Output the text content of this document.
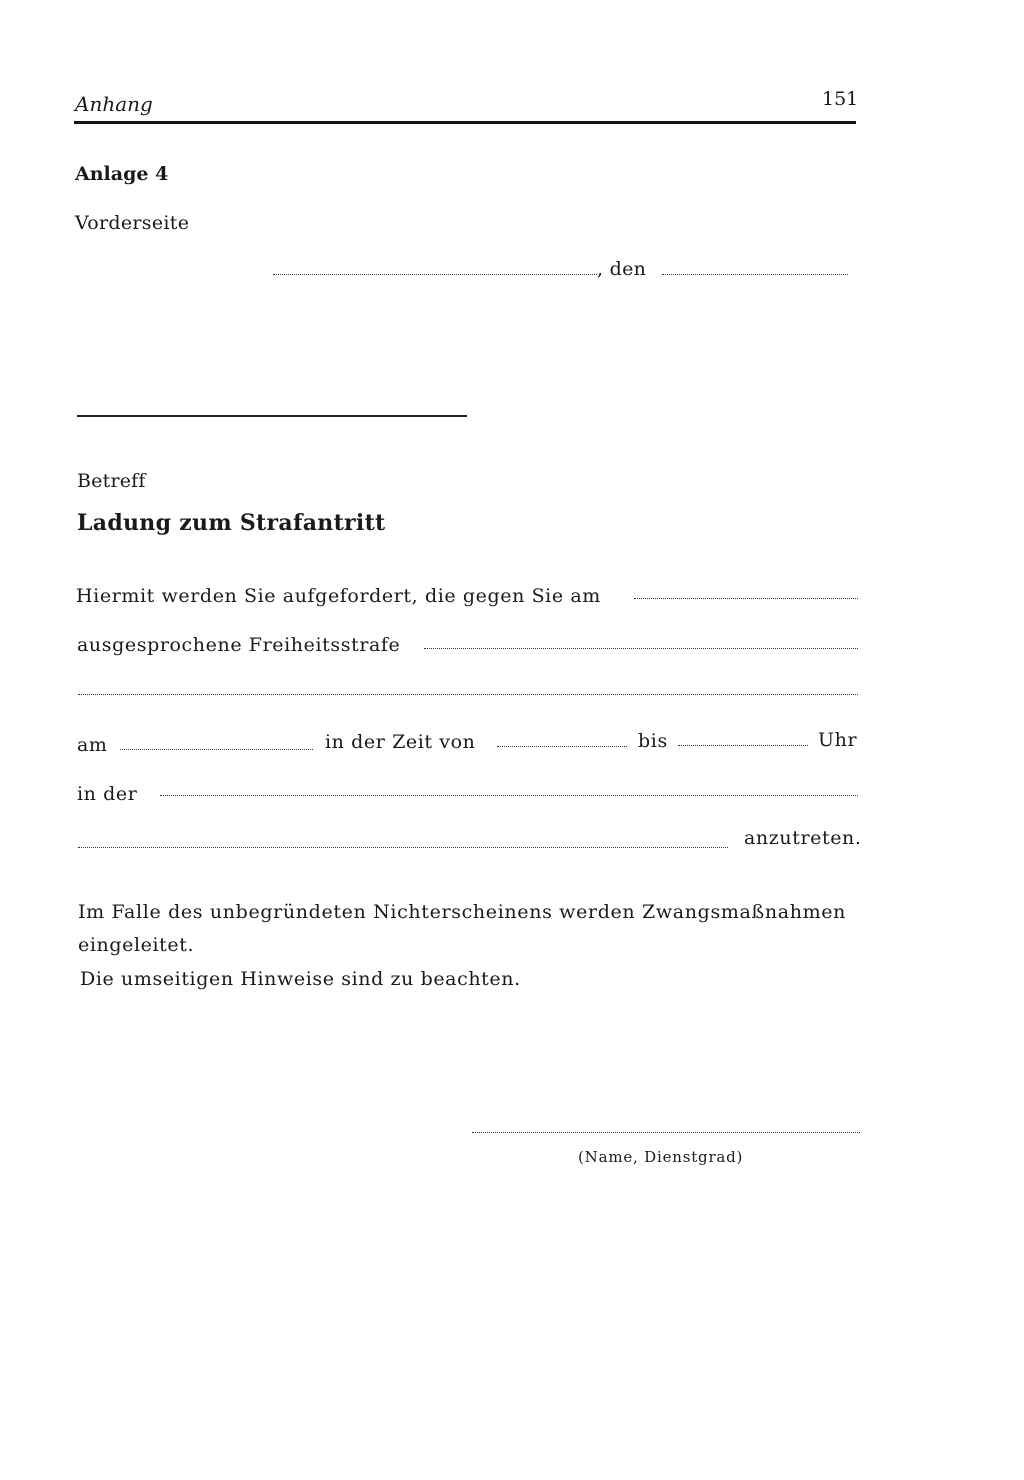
Anhang	151
Anlage 4
Vorderseite
, den
Betreff
Ladung zum Strafantritt
Hiermit werden Sie aufgefordert, die gegen Sie am
ausgesprochene Freiheitsstrafe
am	in der Zeit von	bis	Uhr
in der
anzutreten.
Im Falle des unbegründeten Nichterscheinens werden Zwangsmaßnahmen
eingeleitet.
Die umseitigen Hinweise sind zu beachten.
(Name, Dienstgrad)
